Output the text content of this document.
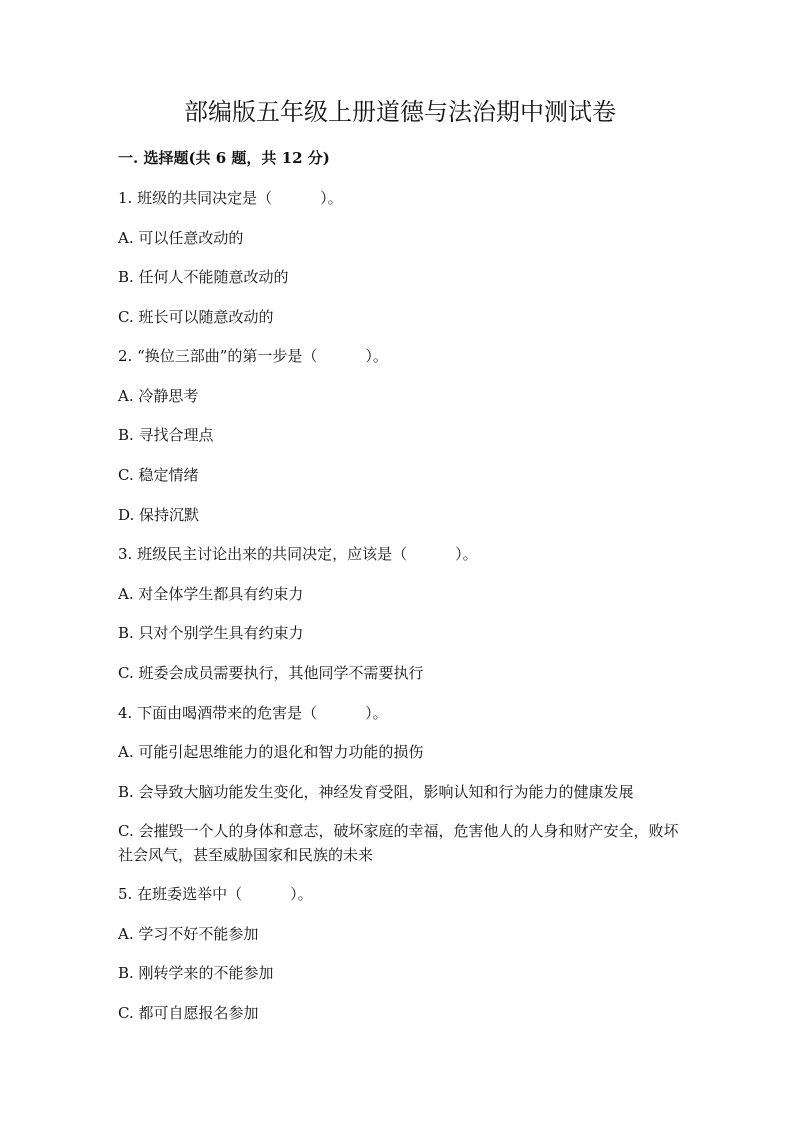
部编版五年级上册道德与法治期中测试卷

一. 选择题(共 6 题，共 12 分)

1. 班级的共同决定是（	）。

A. 可以任意改动的

B. 任何人不能随意改动的

C. 班长可以随意改动的

2. “换位三部曲”的第一步是（	）。

A. 冷静思考

B. 寻找合理点

C. 稳定情绪

D. 保持沉默

3. 班级民主讨论出来的共同决定，应该是（	）。

A. 对全体学生都具有约束力

B. 只对个别学生具有约束力

C. 班委会成员需要执行，其他同学不需要执行

4. 下面由喝酒带来的危害是（	）。

A. 可能引起思维能力的退化和智力功能的损伤

B. 会导致大脑功能发生变化，神经发育受阻，影响认知和行为能力的健康发展

C. 会摧毁一个人的身体和意志，破坏家庭的幸福，危害他人的人身和财产安全，败坏社会风气，甚至威胁国家和民族的未来

5. 在班委选举中（	）。

A. 学习不好不能参加

B. 刚转学来的不能参加

C. 都可自愿报名参加
